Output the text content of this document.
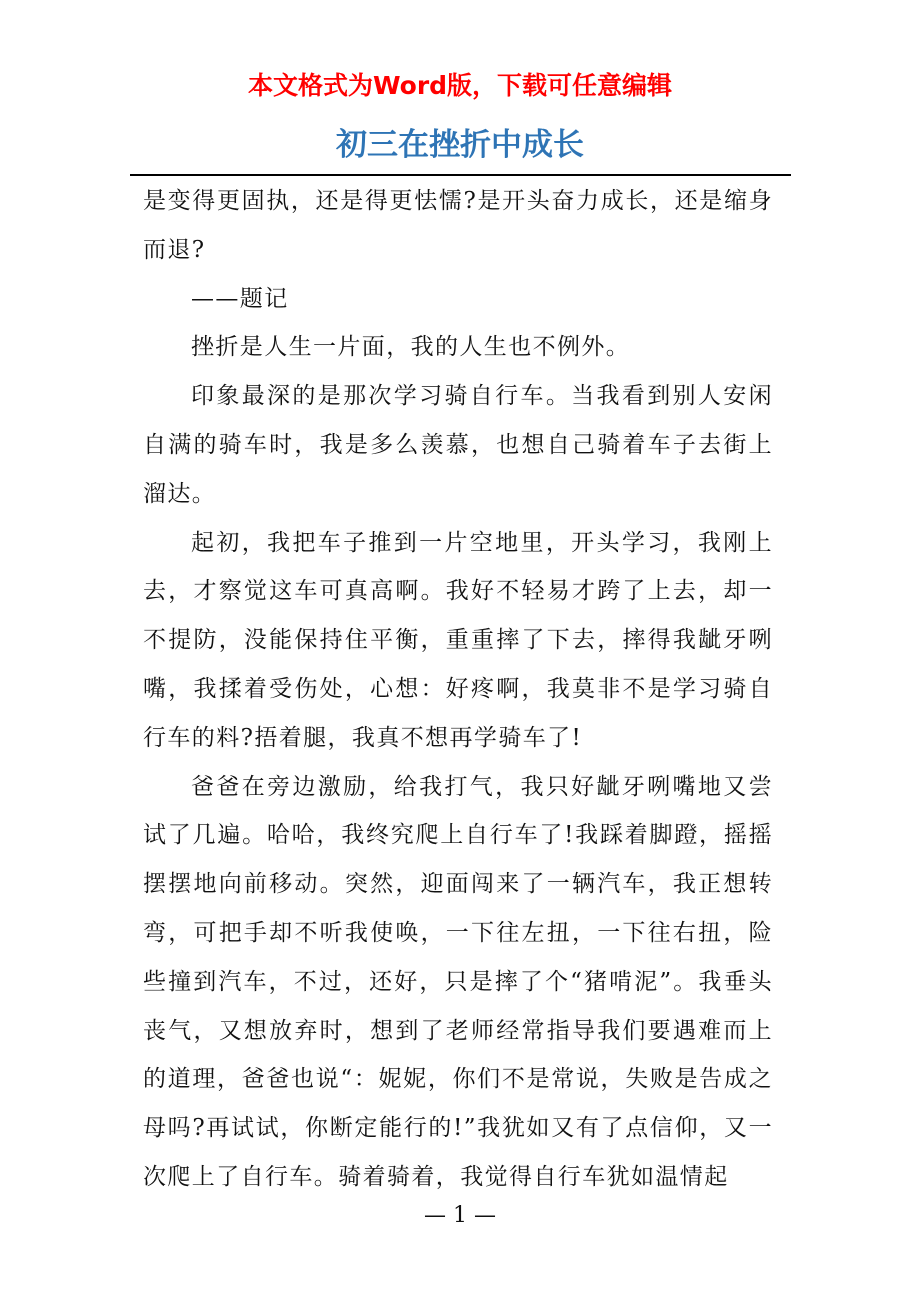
本文格式为Word版，下载可任意编辑
初三在挫折中成长

是变得更固执，还是得更怯懦?是开头奋力成长，还是缩身而退?

——题记

挫折是人生一片面，我的人生也不例外。

印象最深的是那次学习骑自行车。当我看到别人安闲自满的骑车时，我是多么羡慕，也想自己骑着车子去街上溜达。

起初，我把车子推到一片空地里，开头学习，我刚上去，才察觉这车可真高啊。我好不轻易才跨了上去，却一不提防，没能保持住平衡，重重摔了下去，摔得我龇牙咧嘴，我揉着受伤处，心想：好疼啊，我莫非不是学习骑自行车的料?捂着腿，我真不想再学骑车了!

爸爸在旁边激励，给我打气，我只好龇牙咧嘴地又尝试了几遍。哈哈，我终究爬上自行车了!我踩着脚蹬，摇摇摆摆地向前移动。突然，迎面闯来了一辆汽车，我正想转弯，可把手却不听我使唤，一下往左扭，一下往右扭，险些撞到汽车，不过，还好，只是摔了个“猪啃泥”。我垂头丧气，又想放弃时，想到了老师经常指导我们要遇难而上的道理，爸爸也说“：妮妮，你们不是常说，失败是告成之母吗?再试试，你断定能行的!”我犹如又有了点信仰，又一次爬上了自行车。骑着骑着，我觉得自行车犹如温情起

— 1 —
